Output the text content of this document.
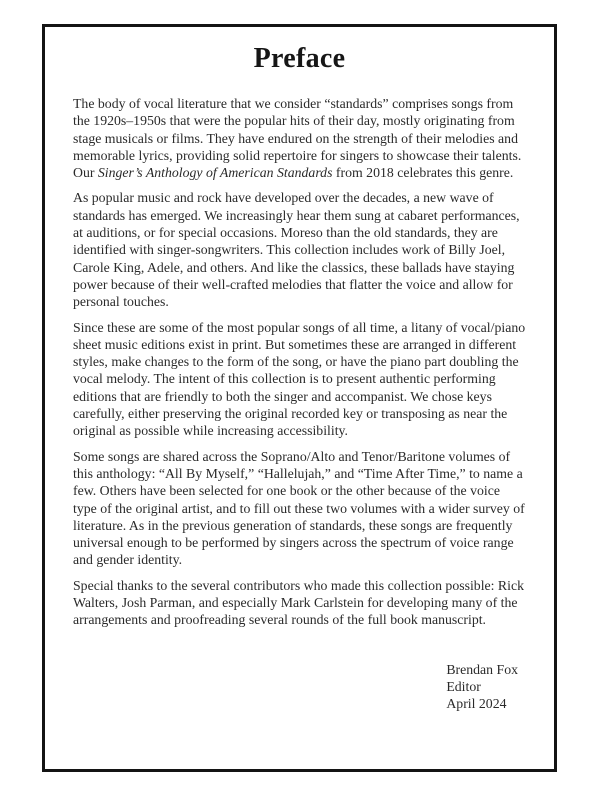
Preface

The body of vocal literature that we consider “standards” comprises songs from the 1920s–1950s that were the popular hits of their day, mostly originating from stage musicals or films. They have endured on the strength of their melodies and memorable lyrics, providing solid repertoire for singers to showcase their talents. Our Singer’s Anthology of American Standards from 2018 celebrates this genre.

As popular music and rock have developed over the decades, a new wave of standards has emerged. We increasingly hear them sung at cabaret performances, at auditions, or for special occasions. Moreso than the old standards, they are identified with singer-songwriters. This collection includes work of Billy Joel, Carole King, Adele, and others. And like the classics, these ballads have staying power because of their well-crafted melodies that flatter the voice and allow for personal touches.

Since these are some of the most popular songs of all time, a litany of vocal/piano sheet music editions exist in print. But sometimes these are arranged in different styles, make changes to the form of the song, or have the piano part doubling the vocal melody. The intent of this collection is to present authentic performing editions that are friendly to both the singer and accompanist. We chose keys carefully, either preserving the original recorded key or transposing as near the original as possible while increasing accessibility.

Some songs are shared across the Soprano/Alto and Tenor/Baritone volumes of this anthology: “All By Myself,” “Hallelujah,” and “Time After Time,” to name a few. Others have been selected for one book or the other because of the voice type of the original artist, and to fill out these two volumes with a wider survey of literature. As in the previous generation of standards, these songs are frequently universal enough to be performed by singers across the spectrum of voice range and gender identity.

Special thanks to the several contributors who made this collection possible: Rick Walters, Josh Parman, and especially Mark Carlstein for developing many of the arrangements and proofreading several rounds of the full book manuscript.

Brendan Fox
Editor
April 2024
